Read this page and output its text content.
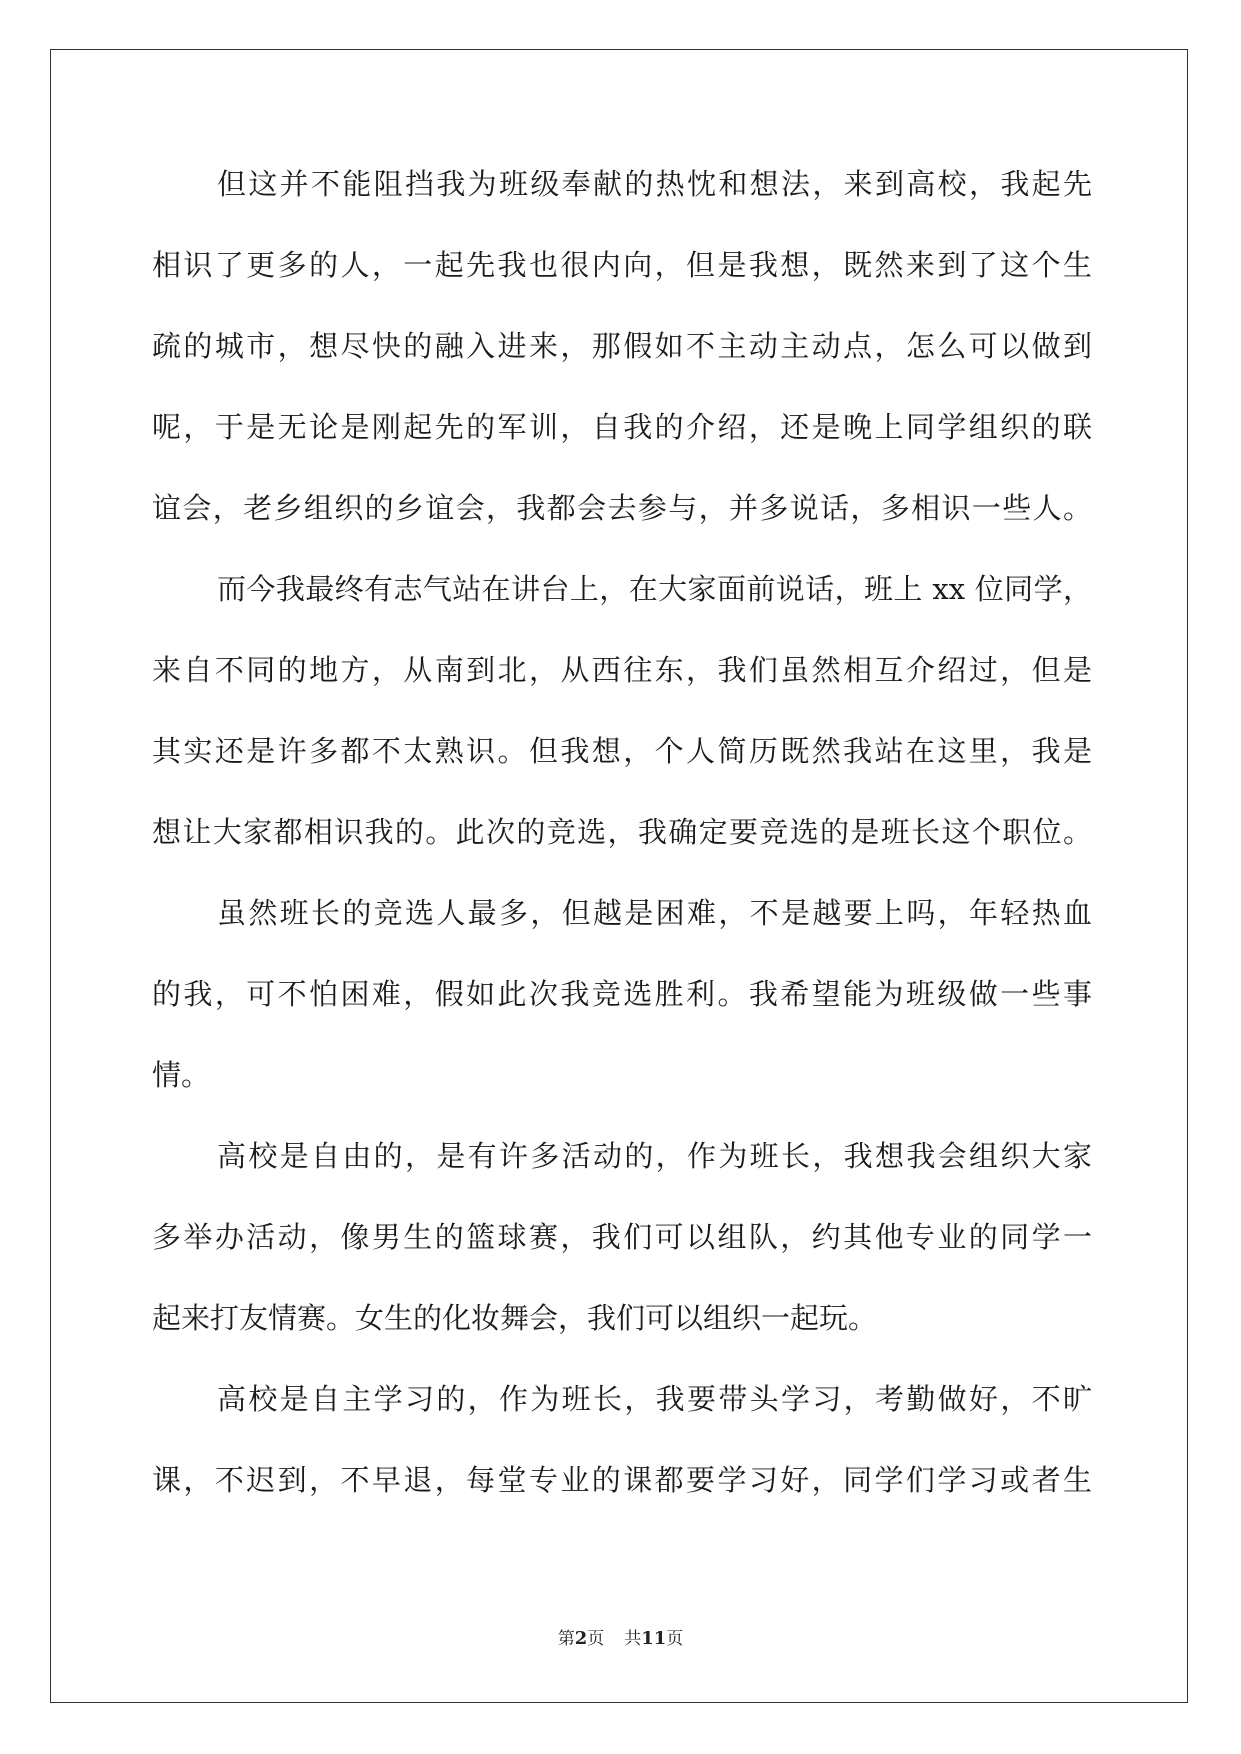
但这并不能阻挡我为班级奉献的热忱和想法，来到高校，我起先
相识了更多的人，一起先我也很内向，但是我想，既然来到了这个生
疏的城市，想尽快的融入进来，那假如不主动主动点，怎么可以做到
呢，于是无论是刚起先的军训，自我的介绍，还是晚上同学组织的联
谊会，老乡组织的乡谊会，我都会去参与，并多说话，多相识一些人。
而今我最终有志气站在讲台上，在大家面前说话，班上 xx 位同学，
来自不同的地方，从南到北，从西往东，我们虽然相互介绍过，但是
其实还是许多都不太熟识。但我想，个人简历既然我站在这里，我是
想让大家都相识我的。此次的竞选，我确定要竞选的是班长这个职位。
虽然班长的竞选人最多，但越是困难，不是越要上吗，年轻热血
的我，可不怕困难，假如此次我竞选胜利。我希望能为班级做一些事
情。
高校是自由的，是有许多活动的，作为班长，我想我会组织大家
多举办活动，像男生的篮球赛，我们可以组队，约其他专业的同学一
起来打友情赛。女生的化妆舞会，我们可以组织一起玩。
高校是自主学习的，作为班长，我要带头学习，考勤做好，不旷
课，不迟到，不早退，每堂专业的课都要学习好，同学们学习或者生
第2页 共11页
